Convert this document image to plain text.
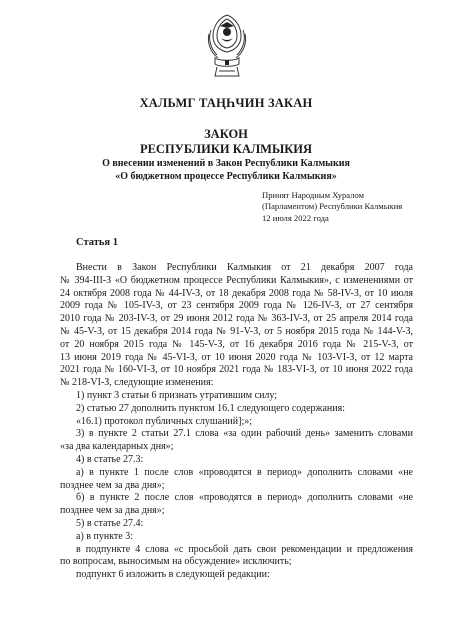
ХАЛЬМГ ТАҢҺЧИН ЗАКАН
ЗАКОН
РЕСПУБЛИКИ КАЛМЫКИЯ
О внесении изменений в Закон Республики Калмыкия
«О бюджетном процессе Республики Калмыкия»
Принят Народным Хуралом
(Парламентом) Республики Калмыкия
12 июля 2022 года
Статья 1
Внести в Закон Республики Калмыкия от 21 декабря 2007 года
№ 394-III-З «О бюджетном процессе Республики Калмыкия», с изменениями от
24 октября 2008 года № 44-IV-З, от 18 декабря 2008 года № 58-IV-З, от 10 июля
2009 года № 105-IV-З, от 23 сентября 2009 года № 126-IV-З, от 27 сентября
2010 года № 203-IV-З, от 29 июня 2012 года № 363-IV-З, от 25 апреля 2014 года
№ 45-V-З, от 15 декабря 2014 года № 91-V-З, от 5 ноября 2015 года № 144-V-З,
от 20 ноября 2015 года № 145-V-З, от 16 декабря 2016 года № 215-V-З, от
13 июня 2019 года № 45-VI-З, от 10 июня 2020 года № 103-VI-З, от 12 марта
2021 года № 160-VI-З, от 10 ноября 2021 года № 183-VI-З, от 10 июня 2022 года
№ 218-VI-З, следующие изменения:
1) пункт 3 статьи 6 признать утратившим силу;
2) статью 27 дополнить пунктом 16.1 следующего содержания:
«16.1) протокол публичных слушаний];»;
3) в пункте 2 статьи 27.1 слова «за один рабочий день» заменить словами
«за два календарных дня»;
4) в статье 27.3:
а) в пункте 1 после слов «проводятся в период» дополнить словами «не
позднее чем за два дня»;
б) в пункте 2 после слов «проводятся в период» дополнить словами «не
позднее чем за два дня»;
5) в статье 27.4:
а) в пункте 3:
в подпункте 4 слова «с просьбой дать свои рекомендации и предложения
по вопросам, выносимым на обсуждение» исключить;
подпункт 6 изложить в следующей редакции:
